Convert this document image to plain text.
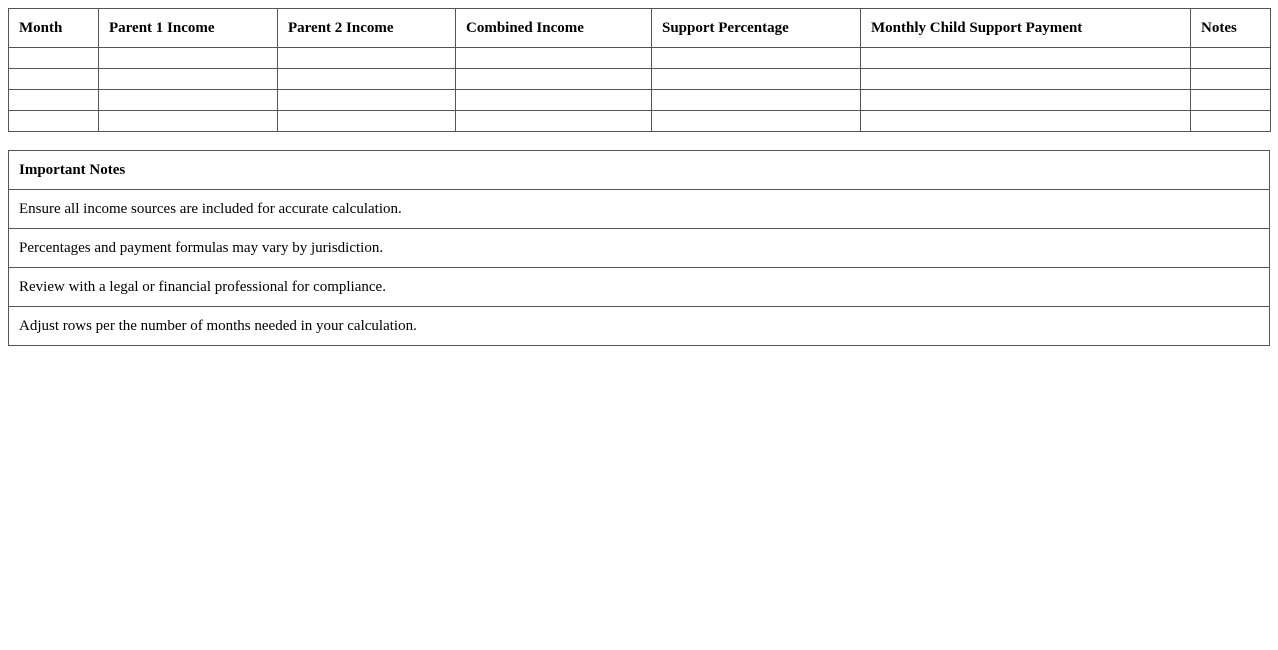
Month	Parent 1 Income	Parent 2 Income	Combined Income	Support Percentage	Monthly Child Support Payment	Notes

Important Notes
Ensure all income sources are included for accurate calculation.
Percentages and payment formulas may vary by jurisdiction.
Review with a legal or financial professional for compliance.
Adjust rows per the number of months needed in your calculation.
